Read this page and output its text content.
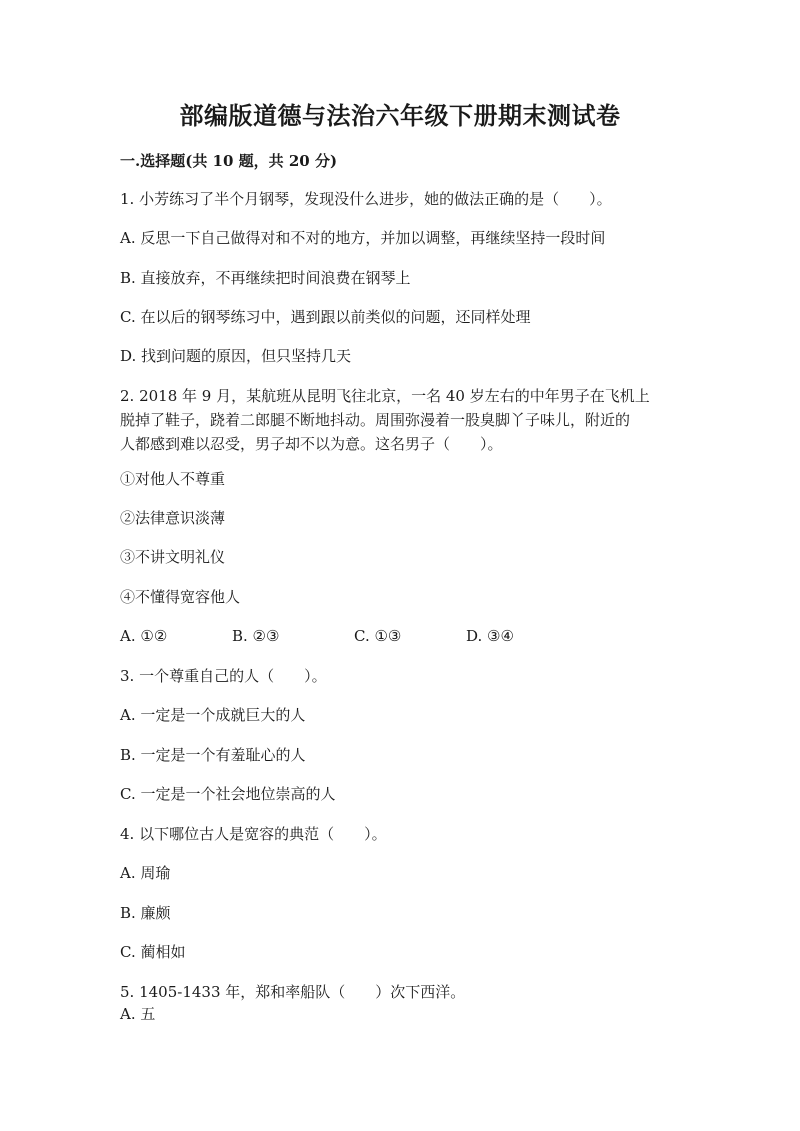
部编版道德与法治六年级下册期末测试卷
一.选择题(共 10 题，共 20 分)
1. 小芳练习了半个月钢琴，发现没什么进步，她的做法正确的是（　　）。
A. 反思一下自己做得对和不对的地方，并加以调整，再继续坚持一段时间
B. 直接放弃，不再继续把时间浪费在钢琴上
C. 在以后的钢琴练习中，遇到跟以前类似的问题，还同样处理
D. 找到问题的原因，但只坚持几天
2. 2018 年 9 月，某航班从昆明飞往北京，一名 40 岁左右的中年男子在飞机上
脱掉了鞋子，跷着二郎腿不断地抖动。周围弥漫着一股臭脚丫子味儿，附近的
人都感到难以忍受，男子却不以为意。这名男子（　　）。
①对他人不尊重
②法律意识淡薄
③不讲文明礼仪
④不懂得宽容他人
A. ①②	B. ②③	C. ①③	D. ③④
3. 一个尊重自己的人（　　）。
A. 一定是一个成就巨大的人
B. 一定是一个有羞耻心的人
C. 一定是一个社会地位崇高的人
4. 以下哪位古人是宽容的典范（　　）。
A. 周瑜
B. 廉颇
C. 蔺相如
5. 1405-1433 年，郑和率船队（　　）次下西洋。
A. 五
